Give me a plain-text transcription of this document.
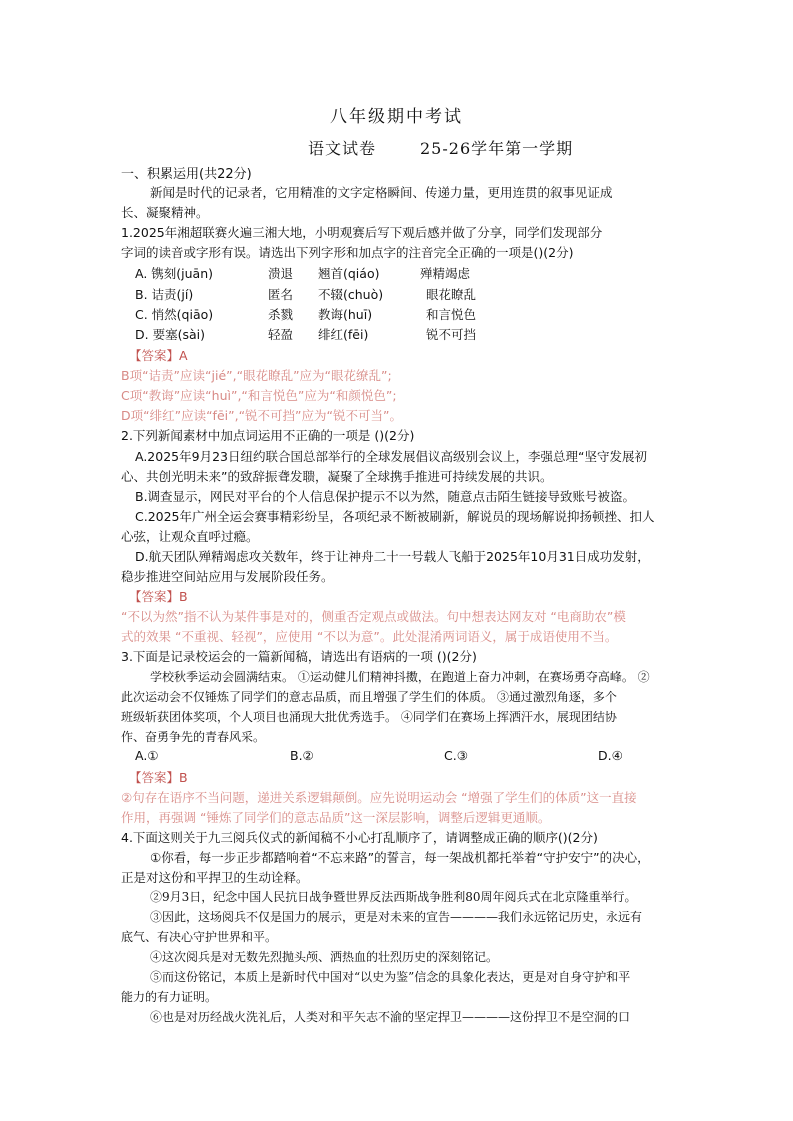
八年级期中考试
语文试卷	25-26学年第一学期
一、积累运用(共22分)
新闻是时代的记录者，它用精准的文字定格瞬间、传递力量，更用连贯的叙事见证成
长、凝聚精神。
1.2025年湘超联赛火遍三湘大地，小明观赛后写下观后感并做了分享，同学们发现部分
字词的读音或字形有误。请选出下列字形和加点字的注音完全正确的一项是()(2分)
A. 镌刻(juān)	溃退 翘首(qiáo)	殚精竭虑
B. 诘责(jí)	匿名 不辍(chuò)	眼花瞭乱
C. 悄然(qiāo)	杀戮 教诲(huī)	和言悦色
D. 要塞(sài)	轻盈 绯红(fēi)	锐不可挡
【答案】A
B项“诘责”应读“jié”,“眼花瞭乱”应为“眼花缭乱”;
C项“教诲”应读“huì”,“和言悦色”应为“和颜悦色”;
D项“绯红”应读“fēi”,“锐不可挡”应为“锐不可当”。
2.下列新闻素材中加点词运用不正确的一项是 ()(2分)
A.2025年9月23日纽约联合国总部举行的全球发展倡议高级别会议上，李强总理“坚守发展初
心、共创光明未来”的致辞振聋发聩，凝聚了全球携手推进可持续发展的共识。
B.调查显示，网民对平台的个人信息保护提示不以为然，随意点击陌生链接导致账号被盗。
C.2025年广州全运会赛事精彩纷呈，各项纪录不断被刷新，解说员的现场解说抑扬顿挫、扣人
心弦，让观众直呼过瘾。
D.航天团队殚精竭虑攻关数年，终于让神舟二十一号载人飞船于2025年10月31日成功发射，
稳步推进空间站应用与发展阶段任务。
【答案】B
“不以为然”指不认为某件事是对的，侧重否定观点或做法。句中想表达网友对 “电商助农”模
式的效果 “不重视、轻视”，应使用 “不以为意”。此处混淆两词语义，属于成语使用不当。
3.下面是记录校运会的一篇新闻稿，请选出有语病的一项 ()(2分)
学校秋季运动会圆满结束。 ①运动健儿们精神抖擞，在跑道上奋力冲刺，在赛场勇夺高峰。 ②
此次运动会不仅锤炼了同学们的意志品质，而且增强了学生们的体质。 ③通过激烈角逐，多个
班级斩获团体奖项，个人项目也涌现大批优秀选手。 ④同学们在赛场上挥洒汗水，展现团结协
作、奋勇争先的青春风采。
A.①	B.②	C.③	D.④
【答案】B
②句存在语序不当问题，递进关系逻辑颠倒。应先说明运动会 “增强了学生们的体质”这一直接
作用，再强调 “锤炼了同学们的意志品质”这一深层影响，调整后逻辑更通顺。
4.下面这则关于九三阅兵仪式的新闻稿不小心打乱顺序了，请调整成正确的顺序()(2分)
①你看，每一步正步都踏响着“不忘来路”的誓言，每一架战机都托举着“守护安宁”的决心，
正是对这份和平捍卫的生动诠释。
②9月3日，纪念中国人民抗日战争暨世界反法西斯战争胜利80周年阅兵式在北京隆重举行。
③因此，这场阅兵不仅是国力的展示，更是对未来的宣告————我们永远铭记历史，永远有
底气、有决心守护世界和平。
④这次阅兵是对无数先烈抛头颅、洒热血的壮烈历史的深刻铭记。
⑤而这份铭记，本质上是新时代中国对“以史为鉴”信念的具象化表达，更是对自身守护和平
能力的有力证明。
⑥也是对历经战火洗礼后，人类对和平矢志不渝的坚定捍卫————这份捍卫不是空洞的口
